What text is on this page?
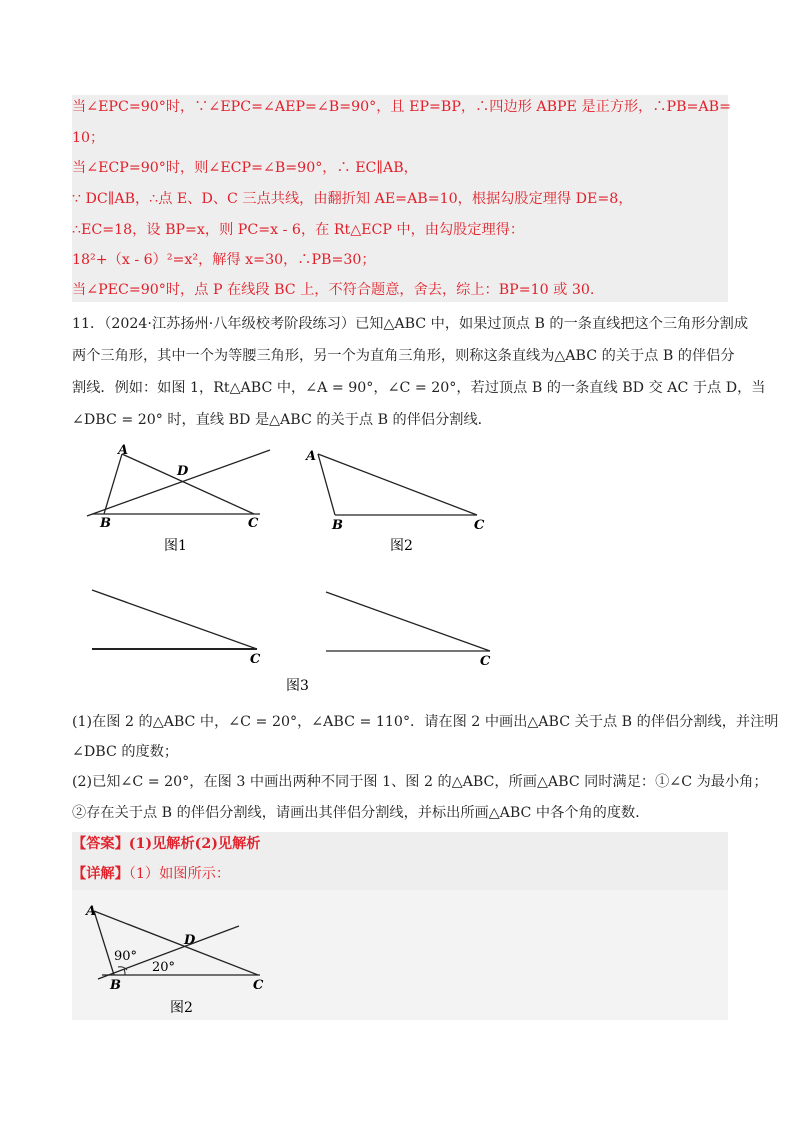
当∠EPC=90°时，∵∠EPC=∠AEP=∠B=90°，且 EP=BP，∴四边形 ABPE 是正方形，∴PB=AB=
10；
当∠ECP=90°时，则∠ECP=∠B=90°，∴ EC∥AB，
∵ DC∥AB，∴点 E、D、C 三点共线，由翻折知 AE=AB=10，根据勾股定理得 DE=8，
∴EC=18，设 BP=x，则 PC=x - 6，在 Rt△ECP 中，由勾股定理得：
18²+（x - 6）²=x²，解得 x=30，∴PB=30；
当∠PEC=90°时，点 P 在线段 BC 上，不符合题意，舍去，综上：BP=10 或 30.
11．（2024·江苏扬州·八年级校考阶段练习）已知△ABC 中，如果过顶点 B 的一条直线把这个三角形分割成
两个三角形，其中一个为等腰三角形，另一个为直角三角形，则称这条直线为△ABC 的关于点 B 的伴侣分
割线．例如：如图 1，Rt△ABC 中，∠A = 90°，∠C = 20°，若过顶点 B 的一条直线 BD 交 AC 于点 D，当
∠DBC = 20° 时，直线 BD 是△ABC 的关于点 B 的伴侣分割线．
A
D
B	C
图1
A
B	C
图2
C	C
图3
(1)在图 2 的△ABC 中，∠C = 20°，∠ABC = 110°．请在图 2 中画出△ABC 关于点 B 的伴侣分割线，并注明
∠DBC 的度数；
(2)已知∠C = 20°，在图 3 中画出两种不同于图 1、图 2 的△ABC，所画△ABC 同时满足：①∠C 为最小角；
②存在关于点 B 的伴侣分割线，请画出其伴侣分割线，并标出所画△ABC 中各个角的度数．
【答案】(1)见解析(2)见解析
【详解】（1）如图所示：
A
D
B	C
90°
20°
图2
